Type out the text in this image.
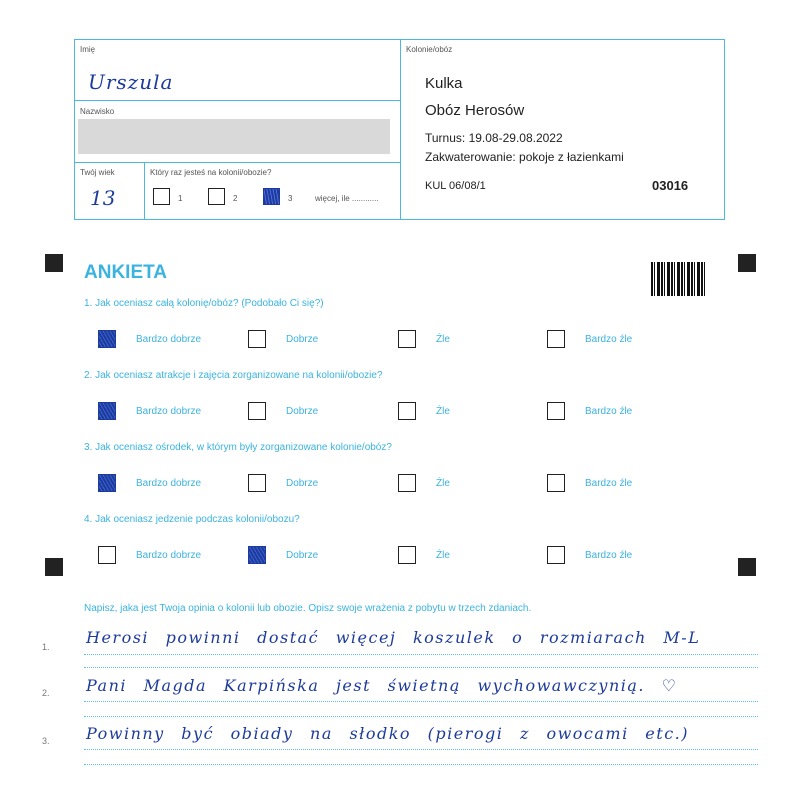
Imię
Urszula
Nazwisko
Twój wiek
13
Który raz jesteś na kolonii/obozie?
1	2	3	więcej, ile ............
Kolonie/obóz
Kulka
Obóz Herosów
Turnus: 19.08-29.08.2022
Zakwaterowanie: pokoje z łazienkami
KUL 06/08/1	03016
ANKIETA
1. Jak oceniasz całą kolonię/obóz? (Podobało Ci się?)
Bardzo dobrze	Dobrze	Źle	Bardzo źle
2. Jak oceniasz atrakcje i zajęcia zorganizowane na kolonii/obozie?
Bardzo dobrze	Dobrze	Źle	Bardzo źle
3. Jak oceniasz ośrodek, w którym były zorganizowane kolonie/obóz?
Bardzo dobrze	Dobrze	Źle	Bardzo źle
4. Jak oceniasz jedzenie podczas kolonii/obozu?
Bardzo dobrze	Dobrze	Źle	Bardzo źle
Napisz, jaka jest Twoja opinia o kolonii lub obozie. Opisz swoje wrażenia z pobytu w trzech zdaniach.
1. Herosi powinni dostać więcej koszulek o rozmiarach M-L
2. Pani Magda Karpińska jest świetną wychowawczynią. ♡
3. Powinny być obiady na słodko (pierogi z owocami etc.)
